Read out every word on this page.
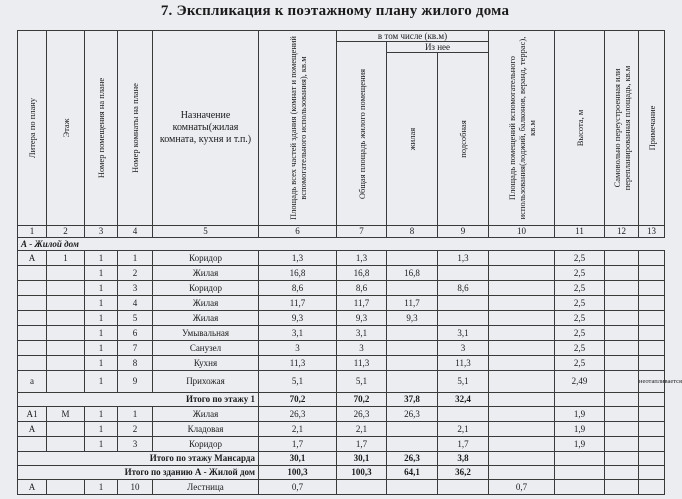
7. Экспликация к поэтажному плану жилого дома
Литера по плану	Этаж	Номер помещения на плане	Номер комнаты на плане	Назначение комнаты(жилая комната, кухня и т.п.)	Площадь всех частей здания (комнат и помещений вспомогательного использования), кв.м	в том числе (кв.м)			Площадь помещений вспомогательного использования(лоджий, балконов, веранд, террас), кв.м	Высота, м	Самовольно переустроенная или перепланированная площадь, кв.м	Примечание

						Общая площадь жилого помещения	Из нее					

							жилая	подсобная				

1	2	3	4	5	6	7	8	9	10	11	12	13
А - Жилой дом												
А	1	1	1	Коридор	1,3	1,3		1,3		2,5		
		1	2	Жилая	16,8	16,8	16,8			2,5		
		1	3	Коридор	8,6	8,6		8,6		2,5		
		1	4	Жилая	11,7	11,7	11,7			2,5		
		1	5	Жилая	9,3	9,3	9,3			2,5		
		1	6	Умывальная	3,1	3,1		3,1		2,5		
		1	7	Санузел	3	3		3		2,5		
		1	8	Кухня	11,3	11,3		11,3		2,5		
а		1	9	Прихожая	5,1	5,1		5,1		2,49		неотапливается
Итого по этажу 1					70,2	70,2	37,8	32,4				
А1	М	1	1	Жилая	26,3	26,3	26,3			1,9		
А		1	2	Кладовая	2,1	2,1		2,1		1,9		
		1	3	Коридор	1,7	1,7		1,7		1,9		
Итого по этажу Мансарда					30,1	30,1	26,3	3,8				
Итого по зданию А - Жилой дом					100,3	100,3	64,1	36,2				
А		1	10	Лестница	0,7				0,7			
